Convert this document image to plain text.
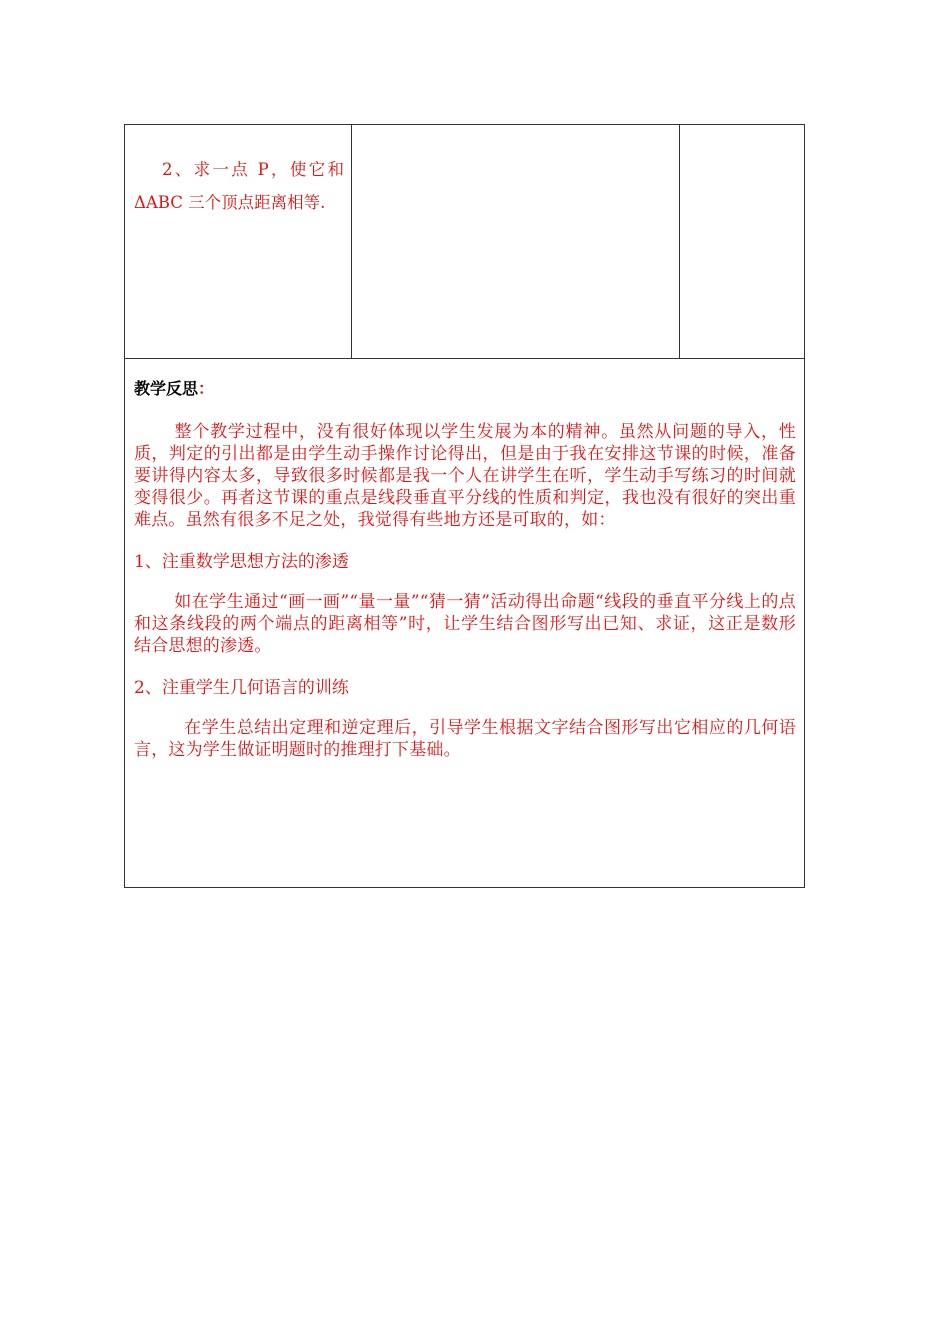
2、求一点 P，使它和 ΔABC 三个顶点距离相等.

教学反思：

整个教学过程中，没有很好体现以学生发展为本的精神。虽然从问题的导入，性质，判定的引出都是由学生动手操作讨论得出，但是由于我在安排这节课的时候，准备要讲得内容太多，导致很多时候都是我一个人在讲学生在听，学生动手写练习的时间就变得很少。再者这节课的重点是线段垂直平分线的性质和判定，我也没有很好的突出重难点。虽然有很多不足之处，我觉得有些地方还是可取的，如：

1、注重数学思想方法的渗透

如在学生通过“画一画”“量一量”“猜一猜”活动得出命题“线段的垂直平分线上的点和这条线段的两个端点的距离相等”时，让学生结合图形写出已知、求证，这正是数形结合思想的渗透。

2、注重学生几何语言的训练

在学生总结出定理和逆定理后，引导学生根据文字结合图形写出它相应的几何语言，这为学生做证明题时的推理打下基础。
